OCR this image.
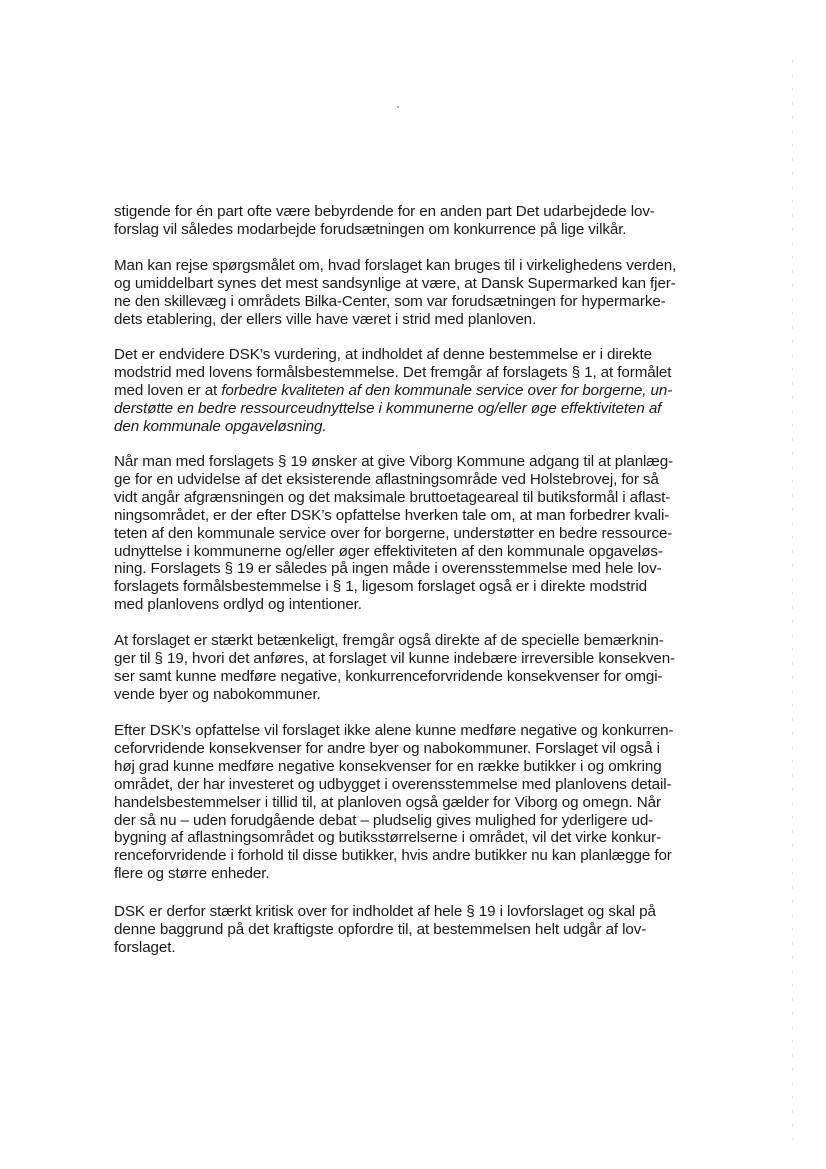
stigende for én part ofte være bebyrdende for en anden part Det udarbejdede lov-
forslag vil således modarbejde forudsætningen om konkurrence på lige vilkår.
Man kan rejse spørgsmålet om, hvad forslaget kan bruges til i virkelighedens verden,
og umiddelbart synes det mest sandsynlige at være, at Dansk Supermarked kan fjer-
ne den skillevæg i områdets Bilka-Center, som var forudsætningen for hypermarke-
dets etablering, der ellers ville have været i strid med planloven.
Det er endvidere DSK’s vurdering, at indholdet af denne bestemmelse er i direkte
modstrid med lovens formålsbestemmelse. Det fremgår af forslagets § 1, at formålet
med loven er at forbedre kvaliteten af den kommunale service over for borgerne, un-
derstøtte en bedre ressourceudnyttelse i kommunerne og/eller øge effektiviteten af
den kommunale opgaveløsning.
Når man med forslagets § 19 ønsker at give Viborg Kommune adgang til at planlæg-
ge for en udvidelse af det eksisterende aflastningsområde ved Holstebrovej, for så
vidt angår afgrænsningen og det maksimale bruttoetageareal til butiksformål i aflast-
ningsområdet, er der efter DSK’s opfattelse hverken tale om, at man forbedrer kvali-
teten af den kommunale service over for borgerne, understøtter en bedre ressource-
udnyttelse i kommunerne og/eller øger effektiviteten af den kommunale opgaveløs-
ning. Forslagets § 19 er således på ingen måde i overensstemmelse med hele lov-
forslagets formålsbestemmelse i § 1, ligesom forslaget også er i direkte modstrid
med planlovens ordlyd og intentioner.
At forslaget er stærkt betænkeligt, fremgår også direkte af de specielle bemærknin-
ger til § 19, hvori det anføres, at forslaget vil kunne indebære irreversible konsekven-
ser samt kunne medføre negative, konkurrenceforvridende konsekvenser for omgi-
vende byer og nabokommuner.
Efter DSK’s opfattelse vil forslaget ikke alene kunne medføre negative og konkurren-
ceforvridende konsekvenser for andre byer og nabokommuner. Forslaget vil også i
høj grad kunne medføre negative konsekvenser for en række butikker i og omkring
området, der har investeret og udbygget i overensstemmelse med planlovens detail-
handelsbestemmelser i tillid til, at planloven også gælder for Viborg og omegn. Når
der så nu – uden forudgående debat – pludselig gives mulighed for yderligere ud-
bygning af aflastningsområdet og butiksstørrelserne i området, vil det virke konkur-
renceforvridende i forhold til disse butikker, hvis andre butikker nu kan planlægge for
flere og større enheder.
DSK er derfor stærkt kritisk over for indholdet af hele § 19 i lovforslaget og skal på
denne baggrund på det kraftigste opfordre til, at bestemmelsen helt udgår af lov-
forslaget.
